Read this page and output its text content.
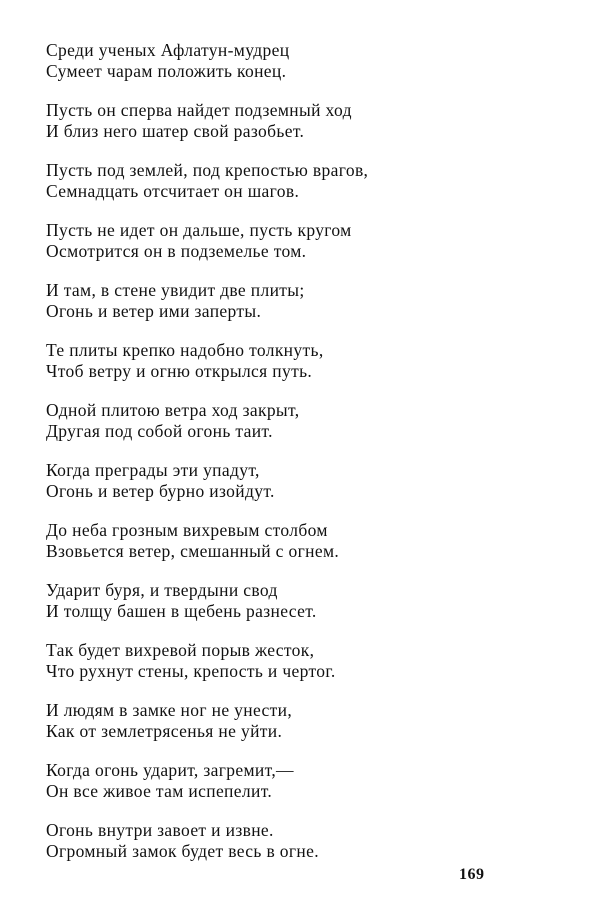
Среди ученых Афлатун-мудрец
Сумеет чарам положить конец.
Пусть он сперва найдет подземный ход
И близ него шатер свой разобьет.
Пусть под землей, под крепостью врагов,
Семнадцать отсчитает он шагов.
Пусть не идет он дальше, пусть кругом
Осмотрится он в подземелье том.
И там, в стене увидит две плиты;
Огонь и ветер ими заперты.
Те плиты крепко надобно толкнуть,
Чтоб ветру и огню открылся путь.
Одной плитою ветра ход закрыт,
Другая под собой огонь таит.
Когда преграды эти упадут,
Огонь и ветер бурно изойдут.
До неба грозным вихревым столбом
Взовьется ветер, смешанный с огнем.
Ударит буря, и твердыни свод
И толщу башен в щебень разнесет.
Так будет вихревой порыв жесток,
Что рухнут стены, крепость и чертог.
И людям в замке ног не унести,
Как от землетрясенья не уйти.
Когда огонь ударит, загремит,—
Он все живое там испепелит.
Огонь внутри завоет и извне.
Огромный замок будет весь в огне.
169
